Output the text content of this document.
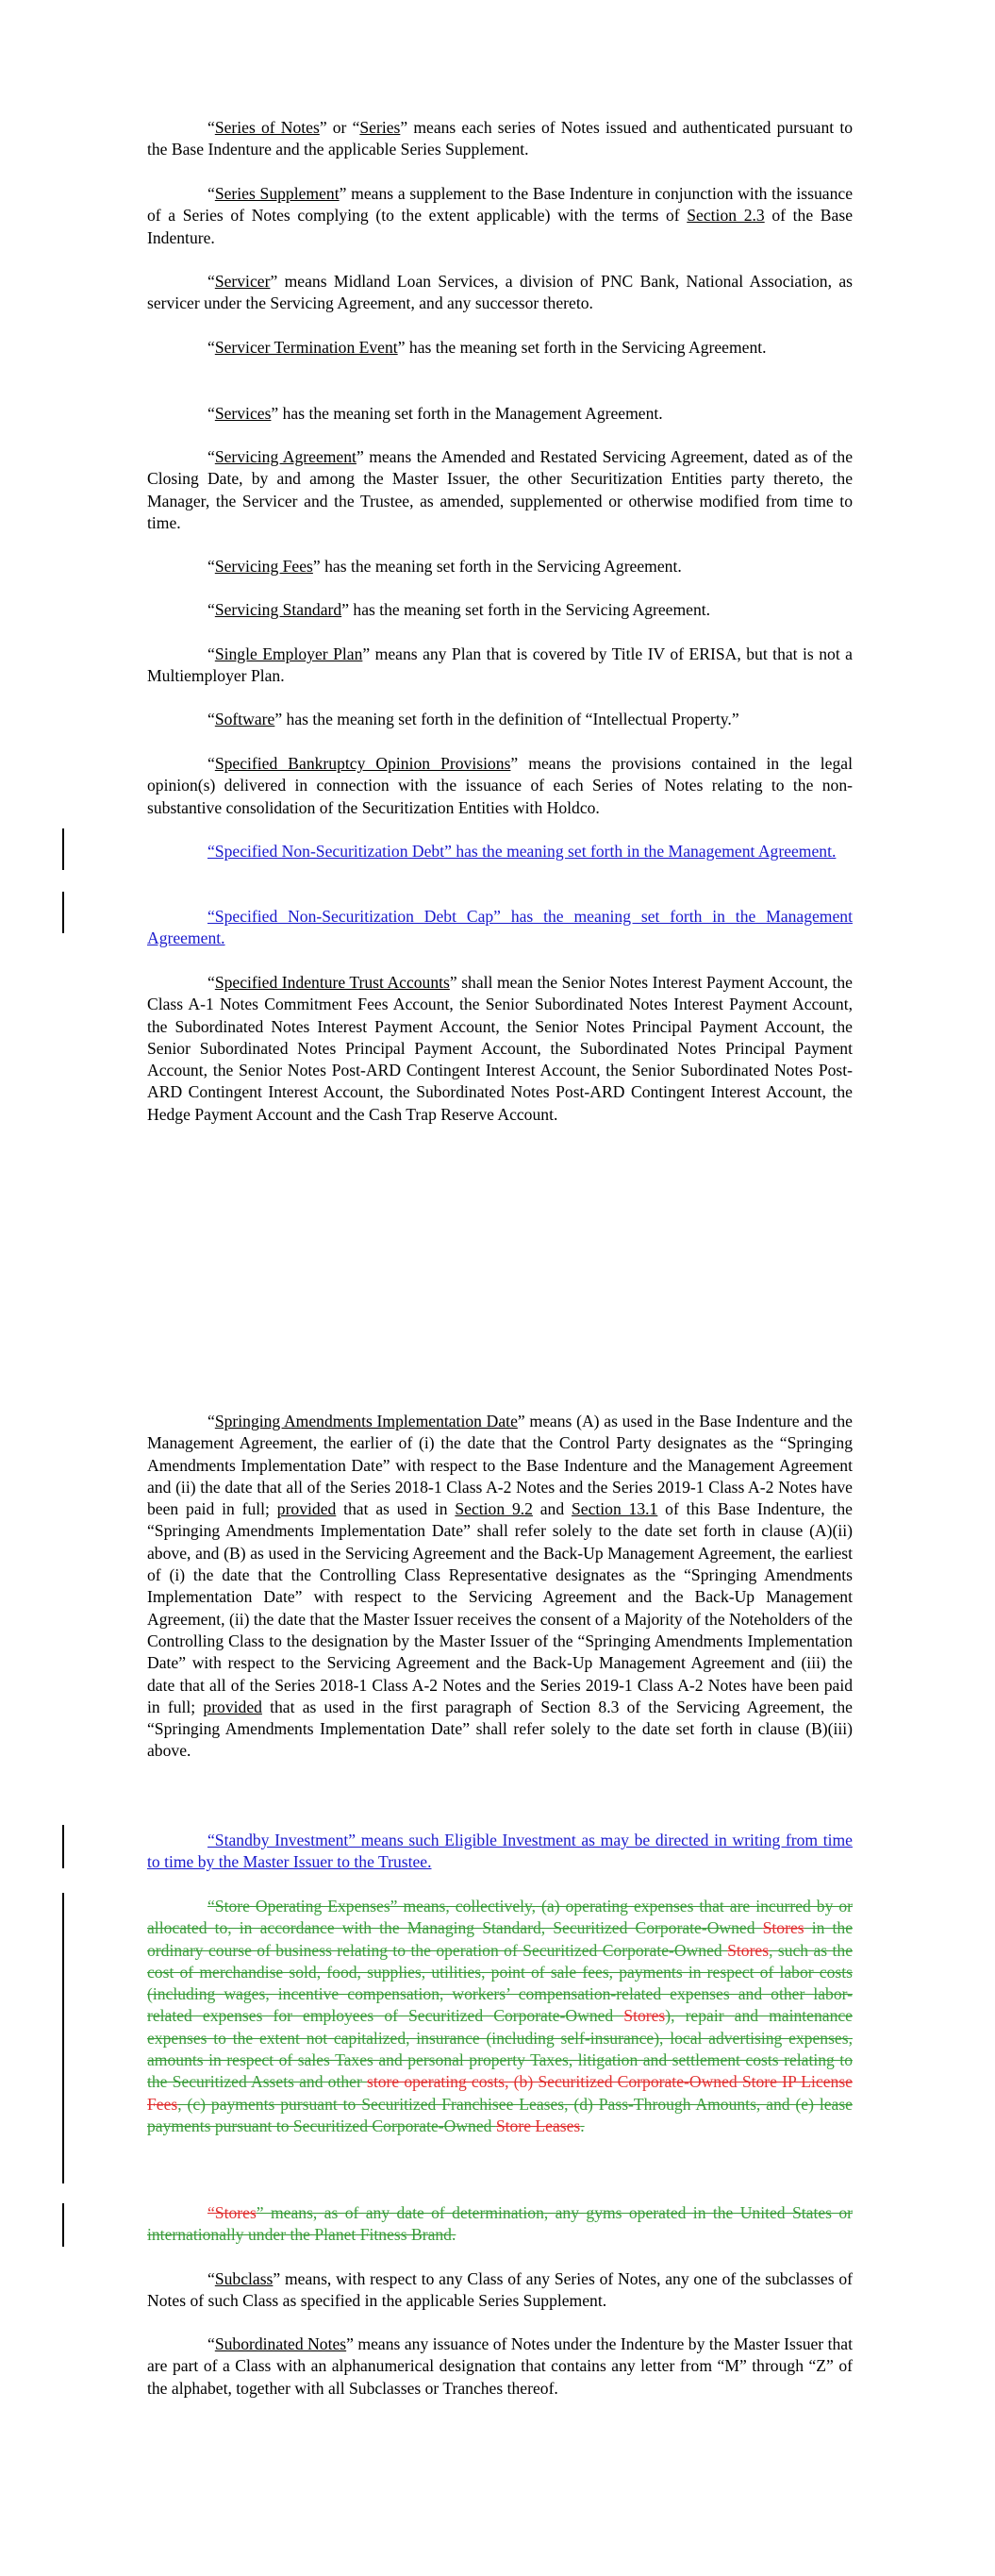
“Series of Notes” or “Series” means each series of Notes issued and authenticated pursuant to the Base Indenture and the applicable Series Supplement.

“Series Supplement” means a supplement to the Base Indenture in conjunction with the issuance of a Series of Notes complying (to the extent applicable) with the terms of Section 2.3 of the Base Indenture.

“Servicer” means Midland Loan Services, a division of PNC Bank, National Association, as servicer under the Servicing Agreement, and any successor thereto.

“Servicer Termination Event” has the meaning set forth in the Servicing Agreement.

“Services” has the meaning set forth in the Management Agreement.

“Servicing Agreement” means the Amended and Restated Servicing Agreement, dated as of the Closing Date, by and among the Master Issuer, the other Securitization Entities party thereto, the Manager, the Servicer and the Trustee, as amended, supplemented or otherwise modified from time to time.

“Servicing Fees” has the meaning set forth in the Servicing Agreement.

“Servicing Standard” has the meaning set forth in the Servicing Agreement.

“Single Employer Plan” means any Plan that is covered by Title IV of ERISA, but that is not a Multiemployer Plan.

“Software” has the meaning set forth in the definition of “Intellectual Property.”

“Specified Bankruptcy Opinion Provisions” means the provisions contained in the legal opinion(s) delivered in connection with the issuance of each Series of Notes relating to the non-substantive consolidation of the Securitization Entities with Holdco.

“Specified Non-Securitization Debt” has the meaning set forth in the Management Agreement.

“Specified Non-Securitization Debt Cap” has the meaning set forth in the Management Agreement.

“Specified Indenture Trust Accounts” shall mean the Senior Notes Interest Payment Account, the Class A-1 Notes Commitment Fees Account, the Senior Subordinated Notes Interest Payment Account, the Subordinated Notes Interest Payment Account, the Senior Notes Principal Payment Account, the Senior Subordinated Notes Principal Payment Account, the Subordinated Notes Principal Payment Account, the Senior Notes Post-ARD Contingent Interest Account, the Senior Subordinated Notes Post-ARD Contingent Interest Account, the Subordinated Notes Post-ARD Contingent Interest Account, the Hedge Payment Account and the Cash Trap Reserve Account.

“Springing Amendments Implementation Date” means (A) as used in the Base Indenture and the Management Agreement, the earlier of (i) the date that the Control Party designates as the “Springing Amendments Implementation Date” with respect to the Base Indenture and the Management Agreement and (ii) the date that all of the Series 2018-1 Class A-2 Notes and the Series 2019-1 Class A-2 Notes have been paid in full; provided that as used in Section 9.2 and Section 13.1 of this Base Indenture, the “Springing Amendments Implementation Date” shall refer solely to the date set forth in clause (A)(ii) above, and (B) as used in the Servicing Agreement and the Back-Up Management Agreement, the earliest of (i) the date that the Controlling Class Representative designates as the “Springing Amendments Implementation Date” with respect to the Servicing Agreement and the Back-Up Management Agreement, (ii) the date that the Master Issuer receives the consent of a Majority of the Noteholders of the Controlling Class to the designation by the Master Issuer of the “Springing Amendments Implementation Date” with respect to the Servicing Agreement and the Back-Up Management Agreement and (iii) the date that all of the Series 2018-1 Class A-2 Notes and the Series 2019-1 Class A-2 Notes have been paid in full; provided that as used in the first paragraph of Section 8.3 of the Servicing Agreement, the “Springing Amendments Implementation Date” shall refer solely to the date set forth in clause (B)(iii) above.

“Standby Investment” means such Eligible Investment as may be directed in writing from time to time by the Master Issuer to the Trustee.

“Store Operating Expenses” means, collectively, (a) operating expenses that are incurred by or allocated to, in accordance with the Managing Standard, Securitized Corporate-Owned Stores in the ordinary course of business relating to the operation of Securitized Corporate-Owned Stores, such as the cost of merchandise sold, food, supplies, utilities, point of sale fees, payments in respect of labor costs (including wages, incentive compensation, workers’ compensation-related expenses and other labor-related expenses for employees of Securitized Corporate-Owned Stores), repair and maintenance expenses to the extent not capitalized, insurance (including self-insurance), local advertising expenses, amounts in respect of sales Taxes and personal property Taxes, litigation and settlement costs relating to the Securitized Assets and other store operating costs, (b) Securitized Corporate-Owned Store IP License Fees, (c) payments pursuant to Securitized Franchisee Leases, (d) Pass-Through Amounts, and (e) lease payments pursuant to Securitized Corporate-Owned Store Leases.

“Stores” means, as of any date of determination, any gyms operated in the United States or internationally under the Planet Fitness Brand.

“Subclass” means, with respect to any Class of any Series of Notes, any one of the subclasses of Notes of such Class as specified in the applicable Series Supplement.

“Subordinated Notes” means any issuance of Notes under the Indenture by the Master Issuer that are part of a Class with an alphanumerical designation that contains any letter from “M” through “Z” of the alphabet, together with all Subclasses or Tranches thereof.
